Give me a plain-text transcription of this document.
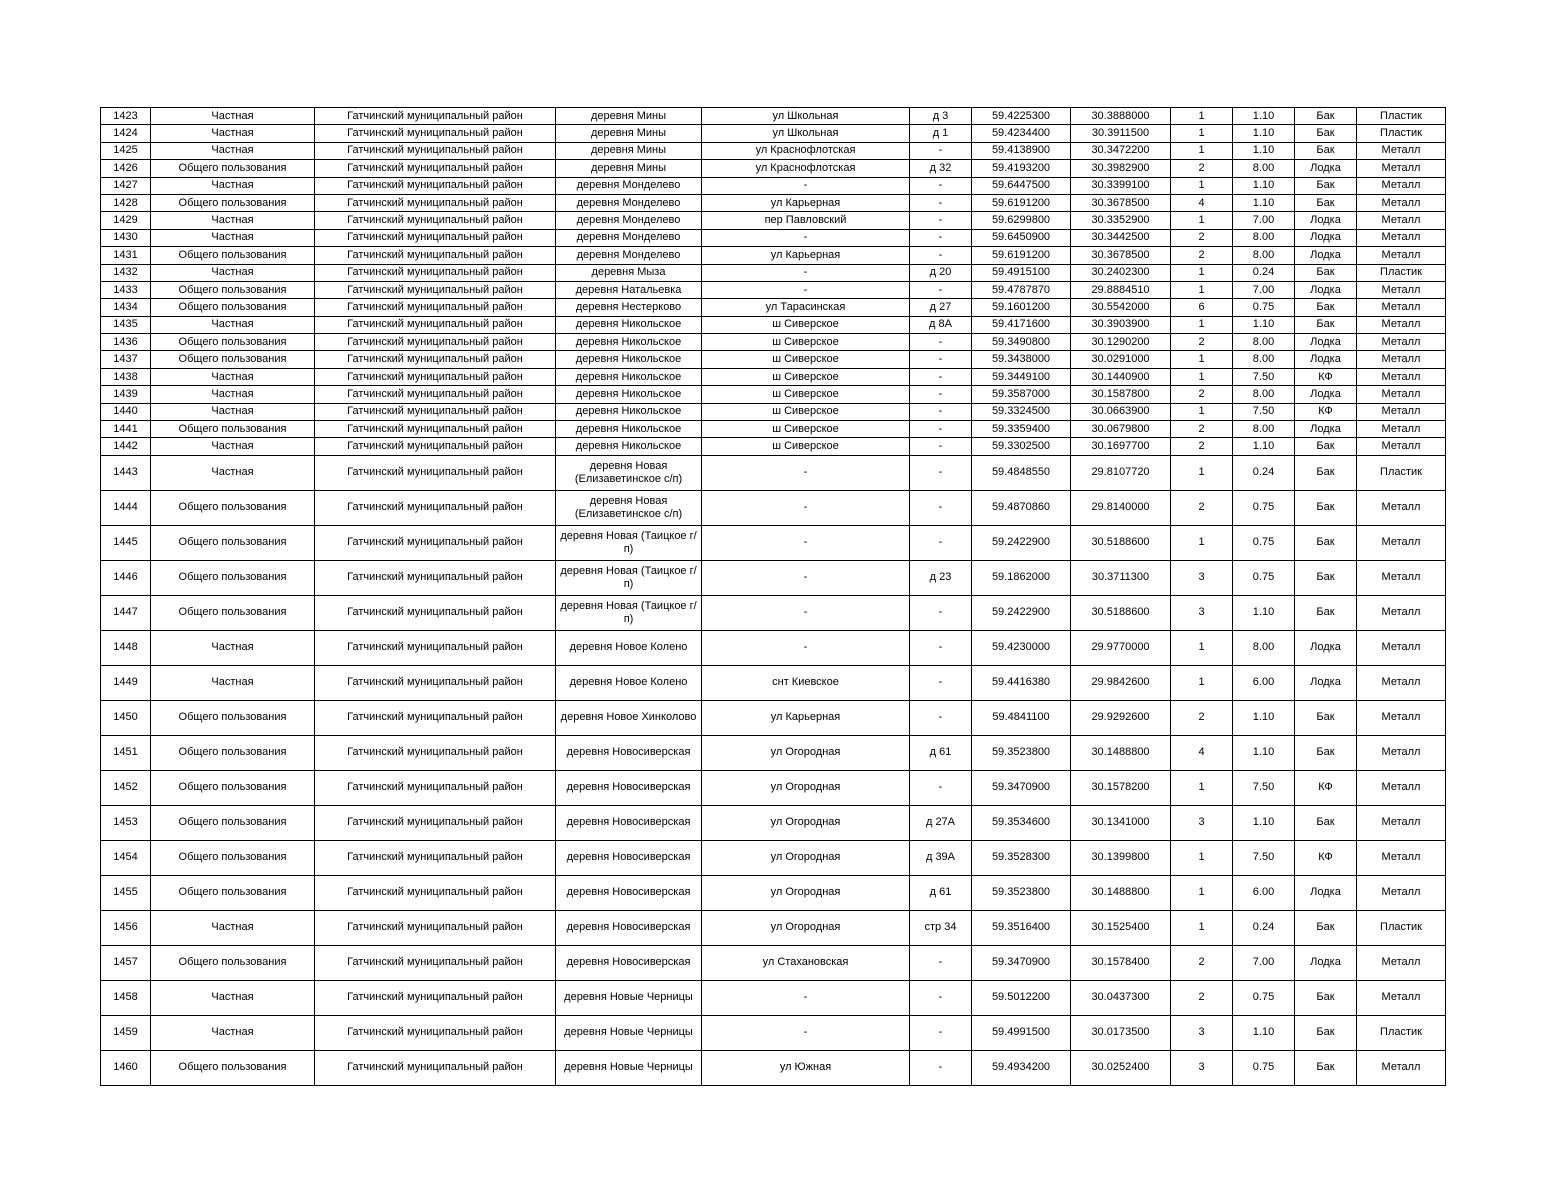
1423	Частная	Гатчинский муниципальный район	деревня Мины	ул Школьная	д 3	59.4225300	30.3888000	1	1.10	Бак	Пластик
1424	Частная	Гатчинский муниципальный район	деревня Мины	ул Школьная	д 1	59.4234400	30.3911500	1	1.10	Бак	Пластик
1425	Частная	Гатчинский муниципальный район	деревня Мины	ул Краснофлотская	-	59.4138900	30.3472200	1	1.10	Бак	Металл
1426	Общего пользования	Гатчинский муниципальный район	деревня Мины	ул Краснофлотская	д 32	59.4193200	30.3982900	2	8.00	Лодка	Металл
1427	Частная	Гатчинский муниципальный район	деревня Монделево	-	-	59.6447500	30.3399100	1	1.10	Бак	Металл
1428	Общего пользования	Гатчинский муниципальный район	деревня Монделево	ул Карьерная	-	59.6191200	30.3678500	4	1.10	Бак	Металл
1429	Частная	Гатчинский муниципальный район	деревня Монделево	пер Павловский	-	59.6299800	30.3352900	1	7.00	Лодка	Металл
1430	Частная	Гатчинский муниципальный район	деревня Монделево	-	-	59.6450900	30.3442500	2	8.00	Лодка	Металл
1431	Общего пользования	Гатчинский муниципальный район	деревня Монделево	ул Карьерная	-	59.6191200	30.3678500	2	8.00	Лодка	Металл
1432	Частная	Гатчинский муниципальный район	деревня Мыза	-	д 20	59.4915100	30.2402300	1	0.24	Бак	Пластик
1433	Общего пользования	Гатчинский муниципальный район	деревня Натальевка	-	-	59.4787870	29.8884510	1	7.00	Лодка	Металл
1434	Общего пользования	Гатчинский муниципальный район	деревня Нестерково	ул Тарасинская	д 27	59.1601200	30.5542000	6	0.75	Бак	Металл
1435	Частная	Гатчинский муниципальный район	деревня Никольское	ш Сиверское	д 8А	59.4171600	30.3903900	1	1.10	Бак	Металл
1436	Общего пользования	Гатчинский муниципальный район	деревня Никольское	ш Сиверское	-	59.3490800	30.1290200	2	8.00	Лодка	Металл
1437	Общего пользования	Гатчинский муниципальный район	деревня Никольское	ш Сиверское	-	59.3438000	30.0291000	1	8.00	Лодка	Металл
1438	Частная	Гатчинский муниципальный район	деревня Никольское	ш Сиверское	-	59.3449100	30.1440900	1	7.50	КФ	Металл
1439	Частная	Гатчинский муниципальный район	деревня Никольское	ш Сиверское	-	59.3587000	30.1587800	2	8.00	Лодка	Металл
1440	Частная	Гатчинский муниципальный район	деревня Никольское	ш Сиверское	-	59.3324500	30.0663900	1	7.50	КФ	Металл
1441	Общего пользования	Гатчинский муниципальный район	деревня Никольское	ш Сиверское	-	59.3359400	30.0679800	2	8.00	Лодка	Металл
1442	Частная	Гатчинский муниципальный район	деревня Никольское	ш Сиверское	-	59.3302500	30.1697700	2	1.10	Бак	Металл
1443	Частная	Гатчинский муниципальный район	деревня Новая (Елизаветинское с/п)	-	-	59.4848550	29.8107720	1	0.24	Бак	Пластик
1444	Общего пользования	Гатчинский муниципальный район	деревня Новая (Елизаветинское с/п)	-	-	59.4870860	29.8140000	2	0.75	Бак	Металл
1445	Общего пользования	Гатчинский муниципальный район	деревня Новая (Таицкое г/п)	-	-	59.2422900	30.5188600	1	0.75	Бак	Металл
1446	Общего пользования	Гатчинский муниципальный район	деревня Новая (Таицкое г/п)	-	д 23	59.1862000	30.3711300	3	0.75	Бак	Металл
1447	Общего пользования	Гатчинский муниципальный район	деревня Новая (Таицкое г/п)	-	-	59.2422900	30.5188600	3	1.10	Бак	Металл
1448	Частная	Гатчинский муниципальный район	деревня Новое Колено	-	-	59.4230000	29.9770000	1	8.00	Лодка	Металл
1449	Частная	Гатчинский муниципальный район	деревня Новое Колено	снт Киевское	-	59.4416380	29.9842600	1	6.00	Лодка	Металл
1450	Общего пользования	Гатчинский муниципальный район	деревня Новое Хинколово	ул Карьерная	-	59.4841100	29.9292600	2	1.10	Бак	Металл
1451	Общего пользования	Гатчинский муниципальный район	деревня Новосиверская	ул Огородная	д 61	59.3523800	30.1488800	4	1.10	Бак	Металл
1452	Общего пользования	Гатчинский муниципальный район	деревня Новосиверская	ул Огородная	-	59.3470900	30.1578200	1	7.50	КФ	Металл
1453	Общего пользования	Гатчинский муниципальный район	деревня Новосиверская	ул Огородная	д 27А	59.3534600	30.1341000	3	1.10	Бак	Металл
1454	Общего пользования	Гатчинский муниципальный район	деревня Новосиверская	ул Огородная	д 39А	59.3528300	30.1399800	1	7.50	КФ	Металл
1455	Общего пользования	Гатчинский муниципальный район	деревня Новосиверская	ул Огородная	д 61	59.3523800	30.1488800	1	6.00	Лодка	Металл
1456	Частная	Гатчинский муниципальный район	деревня Новосиверская	ул Огородная	стр 34	59.3516400	30.1525400	1	0.24	Бак	Пластик
1457	Общего пользования	Гатчинский муниципальный район	деревня Новосиверская	ул Стахановская	-	59.3470900	30.1578400	2	7.00	Лодка	Металл
1458	Частная	Гатчинский муниципальный район	деревня Новые Черницы	-	-	59.5012200	30.0437300	2	0.75	Бак	Металл
1459	Частная	Гатчинский муниципальный район	деревня Новые Черницы	-	-	59.4991500	30.0173500	3	1.10	Бак	Пластик
1460	Общего пользования	Гатчинский муниципальный район	деревня Новые Черницы	ул Южная	-	59.4934200	30.0252400	3	0.75	Бак	Металл
